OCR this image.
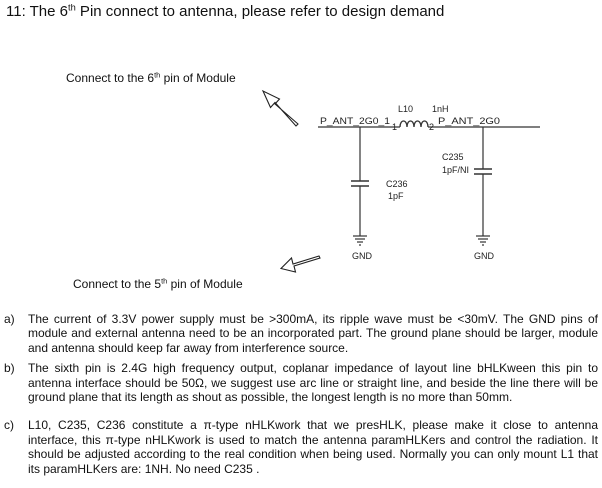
11: The 6th Pin connect to antenna, please refer to design demand
Connect to the 6th pin of Module
Connect to the 5th pin of Module
L10 1nH
P_ANT_2G0_1
1	2
P_ANT_2G0
C236
1pF
C235
1pF/NI
GND	GND
a) The current of 3.3V power supply must be >300mA, its ripple wave must be <30mV. The GND pins of module and external antenna need to be an incorporated part. The ground plane should be larger, module and antenna should keep far away from interference source.
b) The sixth pin is 2.4G high frequency output, coplanar impedance of layout line bHLKween this pin to antenna interface should be 50Ω, we suggest use arc line or straight line, and beside the line there will be ground plane that its length as shout as possible, the longest length is no more than 50mm.
c) L10, C235, C236 constitute a π-type nHLKwork that we presHLK, please make it close to antenna interface, this π-type nHLKwork is used to match the antenna paramHLKers and control the radiation. It should be adjusted according to the real condition when being used. Normally you can only mount L1 that its paramHLKers are: 1NH. No need C235 .
